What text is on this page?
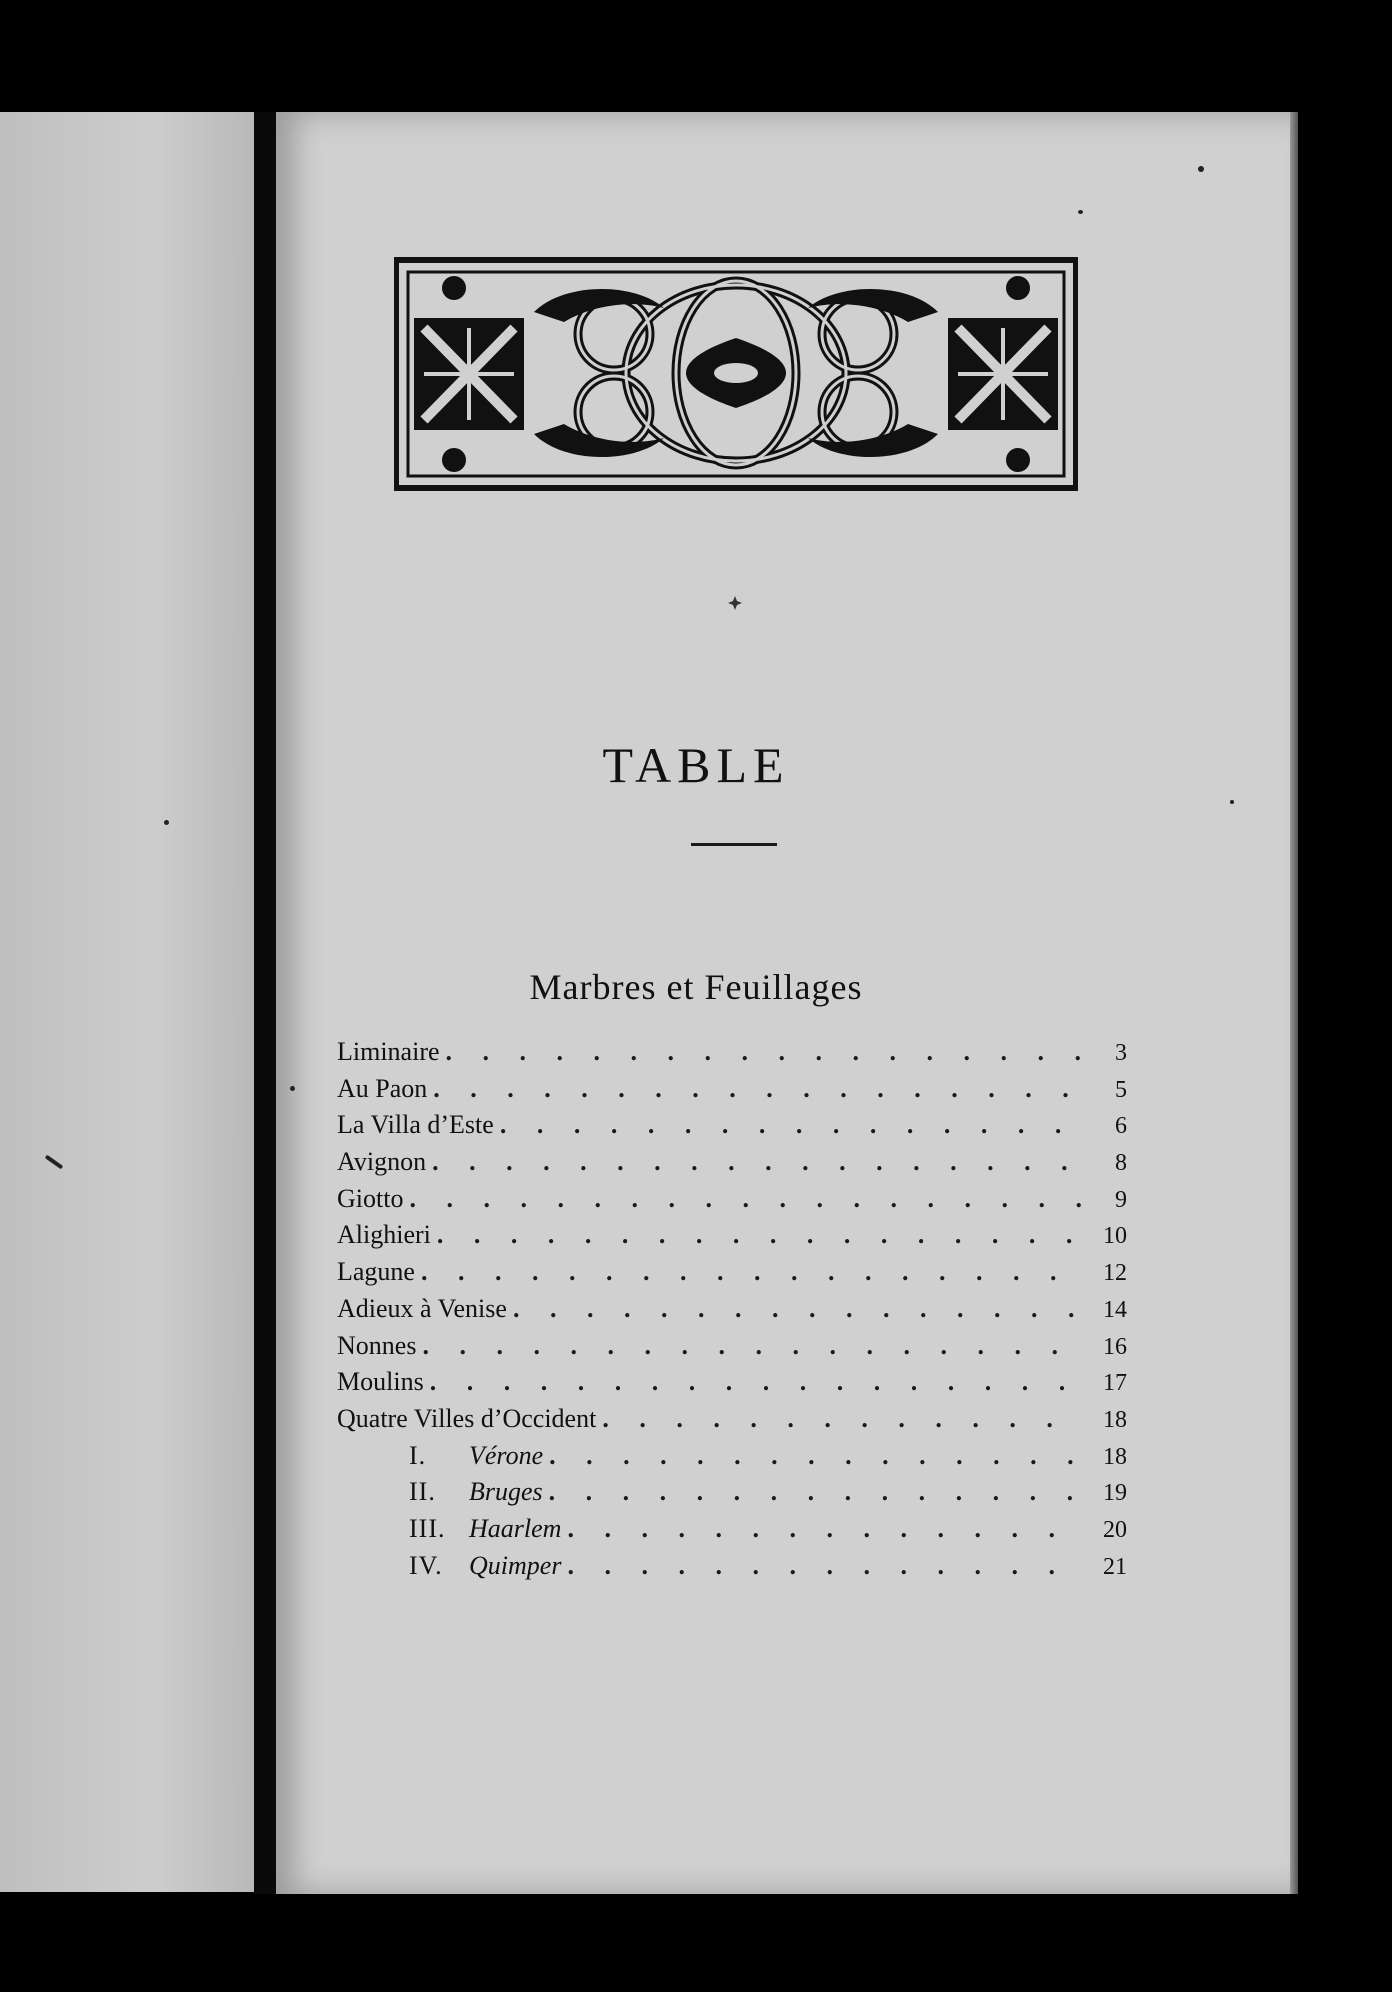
TABLE
Marbres et Feuillages
Liminaire . . .	3
Au Paon . . .	5
La Villa d’Este . . .	6
Avignon . . .	8
Giotto . . .	9
Alighieri . . .	10
Lagune . . .	12
Adieux à Venise . . .	14
Nonnes . . .	16
Moulins . . .	17
Quatre Villes d’Occident . . .	18
I. Vérone . . .	18
II. Bruges . . .	19
III. Haarlem . . .	20
IV. Quimper . . .	21
